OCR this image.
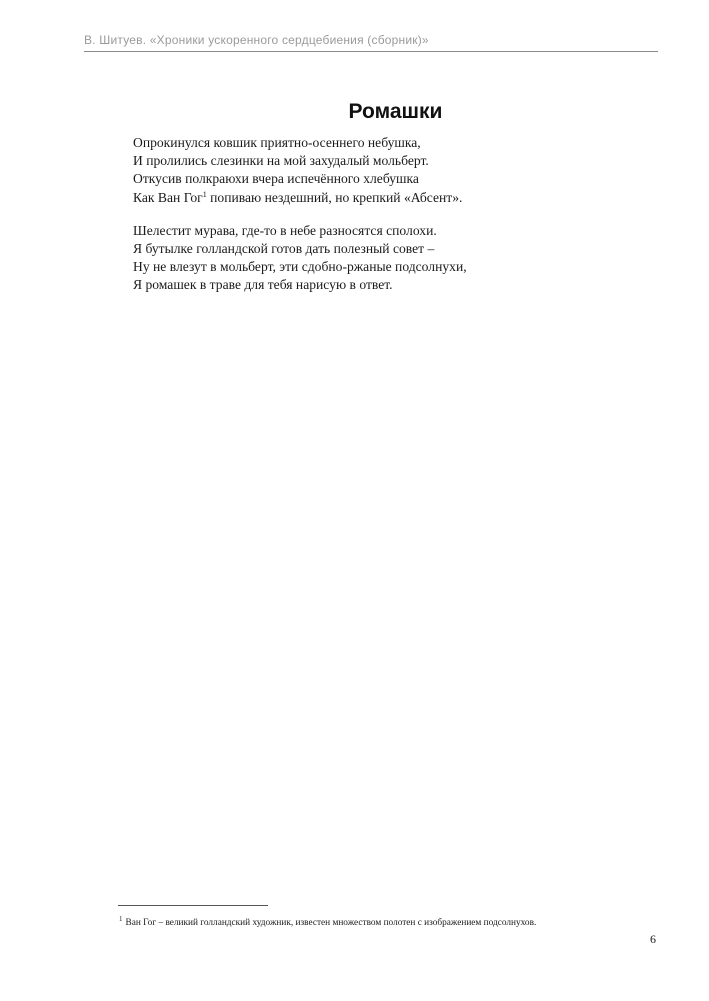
В. Шитуев. «Хроники ускоренного сердцебиения (сборник)»
Ромашки
Опрокинулся ковшик приятно-осеннего небушка,
И пролились слезинки на мой захудалый мольберт.
Откусив полкраюхи вчера испечённого хлебушка
Как Ван Гог$^1$ попиваю нездешний, но крепкий «Абсент».
Шелестит мурава, где-то в небе разносятся сполохи.
Я бутылке голландской готов дать полезный совет –
Ну не влезут в мольберт, эти сдобно-ржаные подсолнухи,
Я ромашек в траве для тебя нарисую в ответ.
$^1$ Ван Гог – великий голландский художник, известен множеством полотен с изображением подсолнухов.
6
